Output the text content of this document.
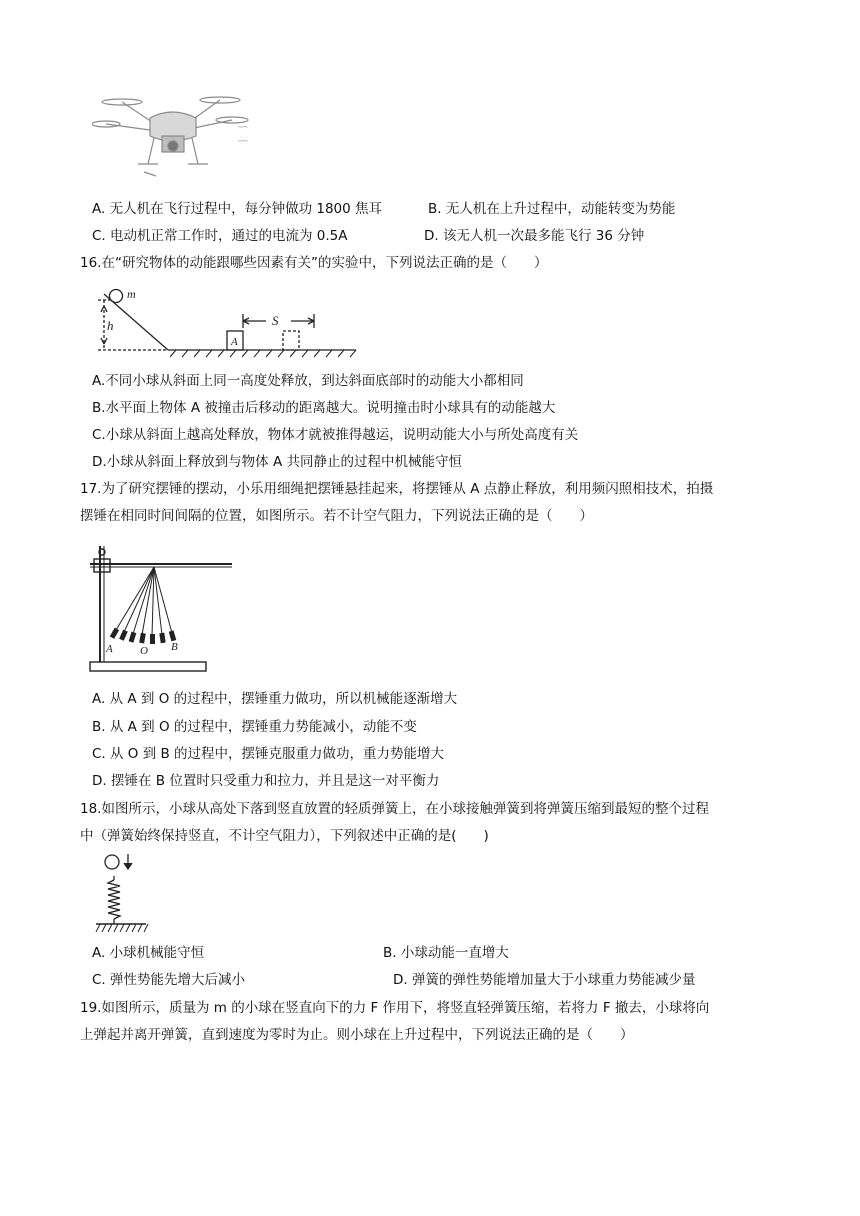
~~
~~
A. 无人机在飞行过程中，每分钟做功 1800 焦耳	B. 无人机在上升过程中，动能转变为势能
C. 电动机正常工作时，通过的电流为 0.5A	D. 该无人机一次最多能飞行 36 分钟
16.在“研究物体的动能跟哪些因素有关”的实验中，下列说法正确的是（　　）
m
h
A
S
A.不同小球从斜面上同一高度处释放，到达斜面底部时的动能大小都相同
B.水平面上物体 A 被撞击后移动的距离越大。说明撞击时小球具有的动能越大
C.小球从斜面上越高处释放，物体才就被推得越运，说明动能大小与所处高度有关
D.小球从斜面上释放到与物体 A 共同静止的过程中机械能守恒
17.为了研究摆锤的摆动，小乐用细绳把摆锤悬挂起来，将摆锤从 A 点静止释放，利用频闪照相技术，拍摄
摆锤在相同时间间隔的位置，如图所示。若不计空气阻力，下列说法正确的是（　　）
A O B
A. 从 A 到 O 的过程中，摆锤重力做功，所以机械能逐渐增大
B. 从 A 到 O 的过程中，摆锤重力势能减小，动能不变
C. 从 O 到 B 的过程中，摆锤克服重力做功，重力势能增大
D. 摆锤在 B 位置时只受重力和拉力，并且是这一对平衡力
18.如图所示，小球从高处下落到竖直放置的轻质弹簧上，在小球接触弹簧到将弹簧压缩到最短的整个过程
中（弹簧始终保持竖直，不计空气阻力），下列叙述中正确的是(　　)
A. 小球机械能守恒	B. 小球动能一直增大
C. 弹性势能先增大后减小	D. 弹簧的弹性势能增加量大于小球重力势能减少量
19.如图所示，质量为 m 的小球在竖直向下的力 F 作用下，将竖直轻弹簧压缩，若将力 F 撤去，小球将向
上弹起并离开弹簧，直到速度为零时为止。则小球在上升过程中，下列说法正确的是（　　）
